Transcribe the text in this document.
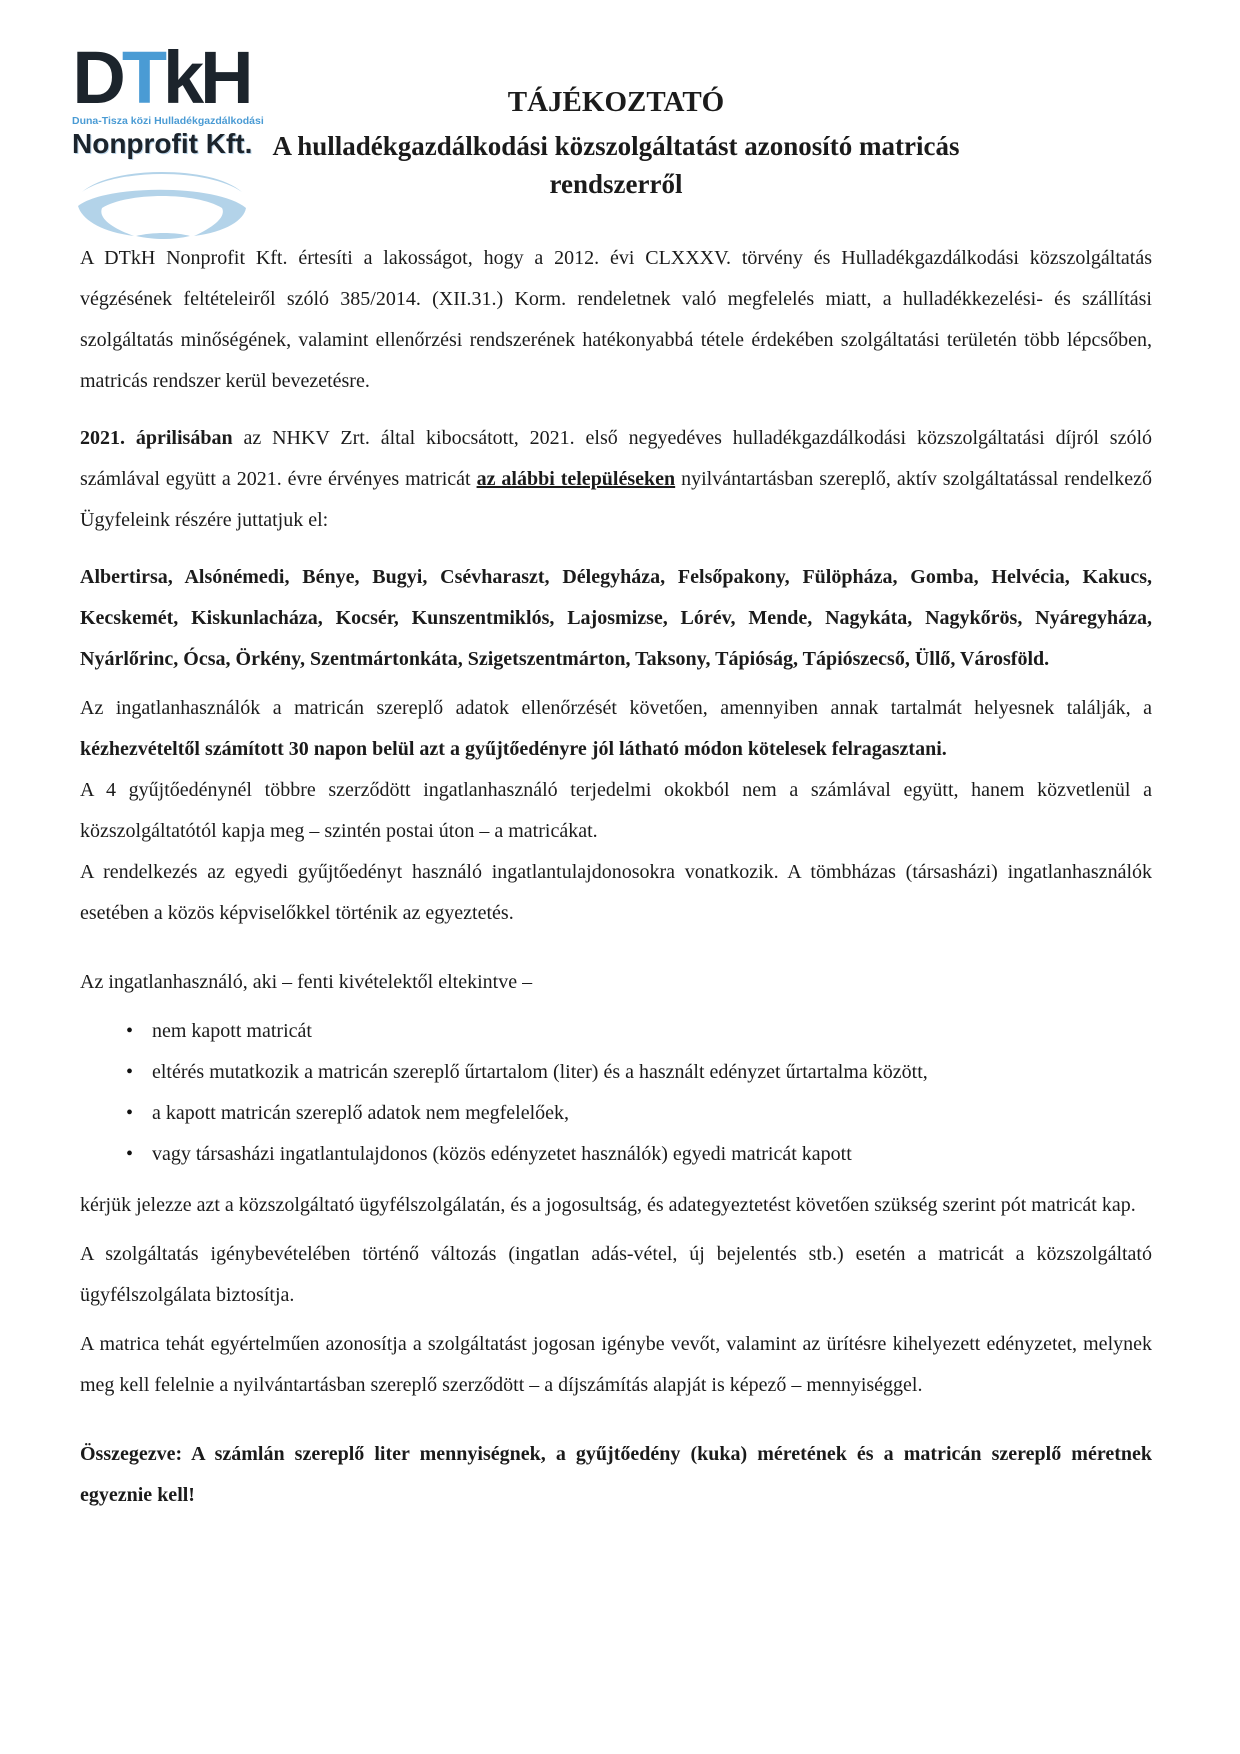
DTkH
Duna-Tisza közi Hulladékgazdálkodási
Nonprofit Kft.
TÁJÉKOZTATÓ
A hulladékgazdálkodási közszolgáltatást azonosító matricás
rendszerről

A DTkH Nonprofit Kft. értesíti a lakosságot, hogy a 2012. évi CLXXXV. törvény és Hulladékgazdálkodási közszolgáltatás végzésének feltételeiről szóló 385/2014. (XII.31.) Korm. rendeletnek való megfelelés miatt, a hulladékkezelési- és szállítási szolgáltatás minőségének, valamint ellenőrzési rendszerének hatékonyabbá tétele érdekében szolgáltatási területén több lépcsőben, matricás rendszer kerül bevezetésre.

2021. áprilisában az NHKV Zrt. által kibocsátott, 2021. első negyedéves hulladékgazdálkodási közszolgáltatási díjról szóló számlával együtt a 2021. évre érvényes matricát az alábbi településeken nyilvántartásban szereplő, aktív szolgáltatással rendelkező Ügyfeleink részére juttatjuk el:

Albertirsa, Alsónémedi, Bénye, Bugyi, Csévharaszt, Délegyháza, Felsőpakony, Fülöpháza, Gomba, Helvécia, Kakucs, Kecskemét, Kiskunlacháza, Kocsér, Kunszentmiklós, Lajosmizse, Lórév, Mende, Nagykáta, Nagykőrös, Nyáregyháza, Nyárlőrinc, Ócsa, Örkény, Szentmártonkáta, Szigetszentmárton, Taksony, Tápióság, Tápiószecső, Üllő, Városföld.

Az ingatlanhasználók a matricán szereplő adatok ellenőrzését követően, amennyiben annak tartalmát helyesnek találják, a kézhezvételtől számított 30 napon belül azt a gyűjtőedényre jól látható módon kötelesek felragasztani.

A 4 gyűjtőedénynél többre szerződött ingatlanhasználó terjedelmi okokból nem a számlával együtt, hanem közvetlenül a közszolgáltatótól kapja meg – szintén postai úton – a matricákat.

A rendelkezés az egyedi gyűjtőedényt használó ingatlantulajdonosokra vonatkozik. A tömbházas (társasházi) ingatlanhasználók esetében a közös képviselőkkel történik az egyeztetés.

Az ingatlanhasználó, aki – fenti kivételektől eltekintve –

• nem kapott matricát
• eltérés mutatkozik a matricán szereplő űrtartalom (liter) és a használt edényzet űrtartalma között,
• a kapott matricán szereplő adatok nem megfelelőek,
• vagy társasházi ingatlantulajdonos (közös edényzetet használók) egyedi matricát kapott

kérjük jelezze azt a közszolgáltató ügyfélszolgálatán, és a jogosultság, és adategyeztetést követően szükség szerint pót matricát kap.

A szolgáltatás igénybevételében történő változás (ingatlan adás-vétel, új bejelentés stb.) esetén a matricát a közszolgáltató ügyfélszolgálata biztosítja.

A matrica tehát egyértelműen azonosítja a szolgáltatást jogosan igénybe vevőt, valamint az ürítésre kihelyezett edényzetet, melynek meg kell felelnie a nyilvántartásban szereplő szerződött – a díjszámítás alapját is képező – mennyiséggel.

Összegezve: A számlán szereplő liter mennyiségnek, a gyűjtőedény (kuka) méretének és a matricán szereplő méretnek egyeznie kell!
